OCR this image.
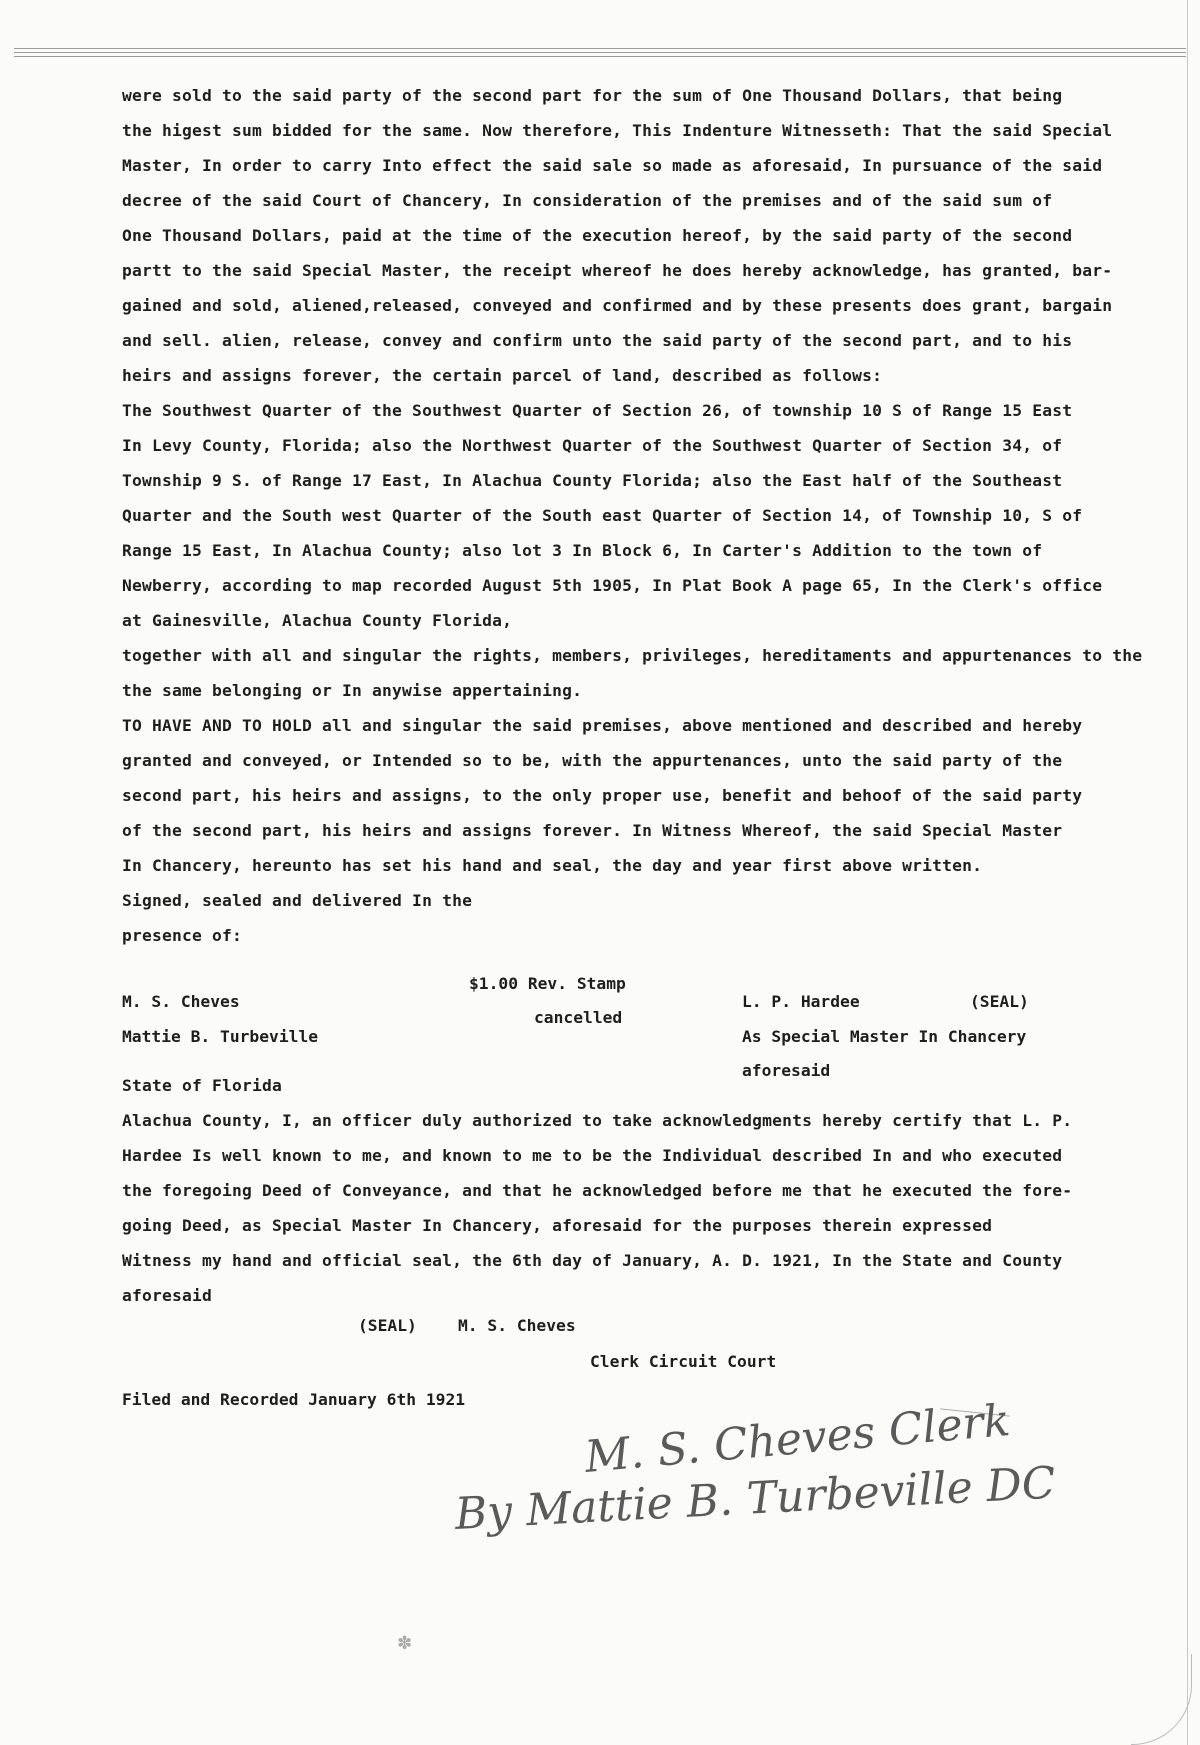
were sold to the said party of the second part for the sum of One Thousand Dollars, that being
the higest sum bidded for the same. Now therefore, This Indenture Witnesseth: That the said Special
Master, In order to carry Into effect the said sale so made as aforesaid, In pursuance of the said
decree of the said Court of Chancery, In consideration of the premises and of the said sum of
One Thousand Dollars, paid at the time of the execution hereof, by the said party of the second
partt to the said Special Master, the receipt whereof he does hereby acknowledge, has granted, bar-
gained and sold, aliened,released, conveyed and confirmed and by these presents does grant, bargain
and sell. alien, release, convey and confirm unto the said party of the second part, and to his
heirs and assigns forever, the certain parcel of land, described as follows:
The Southwest Quarter of the Southwest Quarter of Section 26, of township 10 S of Range 15 East
In Levy County, Florida; also the Northwest Quarter of the Southwest Quarter of Section 34, of
Township 9 S. of Range 17 East, In Alachua County Florida; also the East half of the Southeast
Quarter and the South west Quarter of the South east Quarter of Section 14, of Township 10, S of
Range 15 East, In Alachua County; also lot 3 In Block 6, In Carter's Addition to the town of
Newberry, according to map recorded August 5th 1905, In Plat Book A page 65, In the Clerk's office
at Gainesville, Alachua County Florida,
together with all and singular the rights, members, privileges, hereditaments and appurtenances to the
the same belonging or In anywise appertaining.
TO HAVE AND TO HOLD all and singular the said premises, above mentioned and described and hereby
granted and conveyed, or Intended so to be, with the appurtenances, unto the said party of the
second part, his heirs and assigns, to the only proper use, benefit and behoof of the said party
of the second part, his heirs and assigns forever. In Witness Whereof, the said Special Master
In Chancery, hereunto has set his hand and seal, the day and year first above written.
Signed, sealed and delivered In the
presence of:
M. S. Cheves
Mattie B. Turbeville
$1.00 Rev. Stamp
cancelled
L. P. Hardee	(SEAL)
As Special Master In Chancery
aforesaid
State of Florida
Alachua County, I, an officer duly authorized to take acknowledgments hereby certify that L. P.
Hardee Is well known to me, and known to me to be the Individual described In and who executed
the foregoing Deed of Conveyance, and that he acknowledged before me that he executed the fore-
going Deed, as Special Master In Chancery, aforesaid for the purposes therein expressed
Witness my hand and official seal, the 6th day of January, A. D. 1921, In the State and County
aforesaid
(SEAL)	M. S. Cheves
Clerk Circuit Court
Filed and Recorded January 6th 1921	M. S. Cheves Clerk
By Mattie B. Turbeville DC
✽
